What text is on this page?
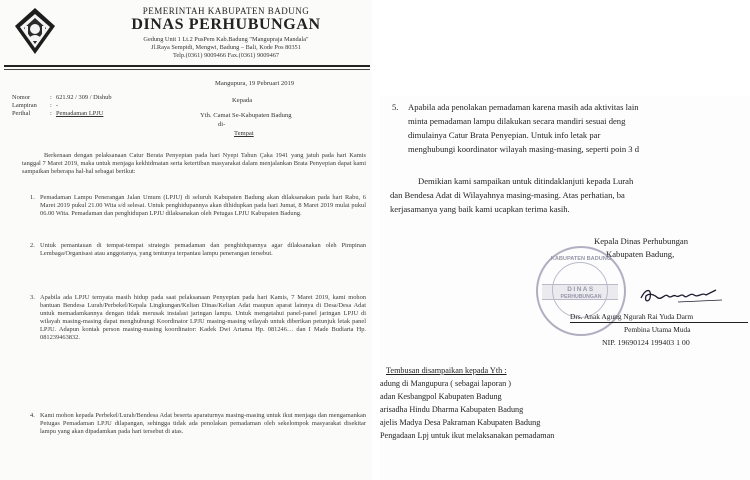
PEMERINTAH KABUPATEN BADUNG
DINAS PERHUBUNGAN
Gedung Unit 1 Lt.2 PusPem Kab.Badung "Mangupraja Mandala"
Jl.Raya Sempidi, Mengwi, Badung – Bali, Kode Pos 80351
Telp.(0361) 9009466 Fax.(0361) 9009467
Mangupura, 19 Pebruari 2019
Nomor	: 621.92 / 309 / Dishub
Lampiran : -
Perihal	: Pemadaman LPJU
Kepada
Yth. Camat Se-Kabupaten Badung
di-
Tempat
Berkenaan dengan pelaksanaan Catur Berata Penyepian pada hari Nyepi Tahun Çaka 1941 yang jatuh pada hari Kamis tanggal 7 Maret 2019, maka untuk menjaga kekhidmatan serta ketertiban masyarakat dalam menjalankan Brata Penyepian dapat kami sampaikan beberapa hal-hal sebagai berikut:
1. Pemadaman Lampu Penerangan Jalan Umum (LPJU) di seluruh Kabupaten Badung akan dilaksanakan pada hari Rabu, 6 Maret 2019 pukul 21.00 Wita s/d selesai. Untuk penghidupannya akan dihidupkan pada hari Jumat, 8 Maret 2019 mulai pukul 06.00 Wita. Pemadaman dan penghidupan LPJU dilaksanakan oleh Petugas LPJU Kabupaten Badung.
2. Untuk pemantauan di tempat-tempat strategis pemadaman dan penghidupannya agar dilaksanakan oleh Pimpinan Lembaga/Organisasi atau anggotanya, yang tentunya terpantau lampu penerangan tersebut.
3. Apabila ada LPJU ternyata masih hidup pada saat pelaksanaan Penyepian pada hari Kamis, 7 Maret 2019, kami mohon bantuan Bendesa Lurah/Perbekel/Kepala Lingkungan/Kelian Dinas/Kelian Adat maupun aparat lainnya di Desa/Desa Adat untuk memadamkannya dengan tidak merusak instalasi jaringan lampu. Untuk mengetahui panel-panel jaringan LPJU di wilayah masing-masing dapat menghubungi Koordinator LPJU masing-masing wilayah untuk diberikan petunjuk letak panel LPJU. Adapun kontak person masing-masing koordinator: Kadek Dwi Artama Hp. 081246… dan I Made Budiarta Hp. 081239463832.
4. Kami mohon kepada Perbekel/Lurah/Bendesa Adat beserta aparaturnya masing-masing untuk ikut menjaga dan mengamankan Petugas Pemadaman LPJU dilapangan, sehingga tidak ada penolakan pemadaman oleh sekelompok masyarakat disekitar lampu yang akan dipadamkan pada hari tersebut di atas.
5. Apabila ada penolakan pemadaman karena masih ada aktivitas lain
minta pemadaman lampu dilakukan secara mandiri sesuai deng
dimulainya Catur Brata Penyepian. Untuk info letak par
menghubungi koordinator wilayah masing-masing, seperti poin 3 d
Demikian kami sampaikan untuk ditindaklanjuti kepada Lurah
dan Bendesa Adat di Wilayahnya masing-masing. Atas perhatian, ba
kerjasamanya yang baik kami ucapkan terima kasih.
Kepala Dinas Perhubungan
Kabupaten Badung,
KABUPATEN BADUNG
DINAS
PERHUBUNGAN
Drs. Anak Agung Ngurah Rai Yuda Darm
Pembina Utama Muda
NIP. 19690124 199403 1 00
Tembusan disampaikan kepada Yth :
adung di Mangupura ( sebagai laporan )
adan Kesbangpol Kabupaten Badung
arisadha Hindu Dharma Kabupaten Badung
ajelis Madya Desa Pakraman Kabupaten Badung
Pengadaan Lpj untuk ikut melaksanakan pemadaman
